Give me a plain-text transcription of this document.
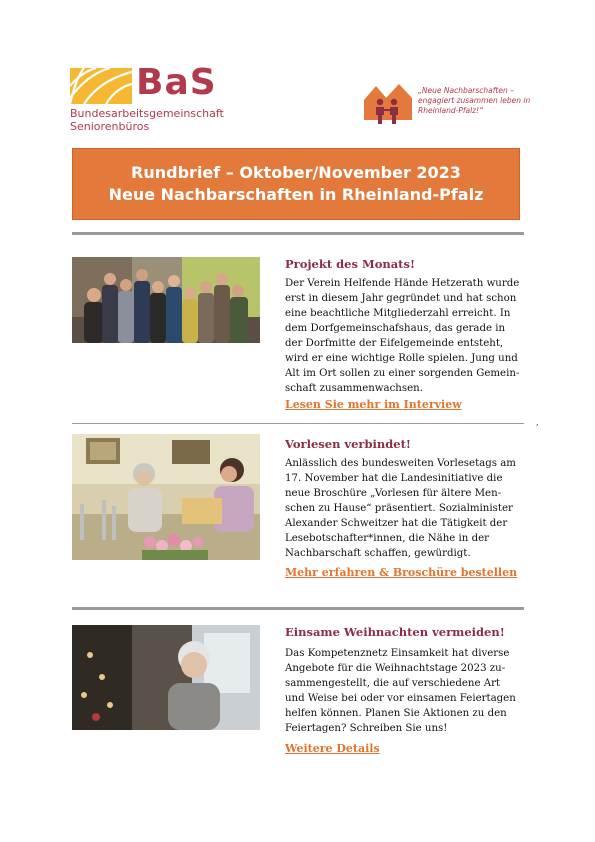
BaS
Bundesarbeitsgemeinschaft
Seniorenbüros
„Neue Nachbarschaften – engagiert zusammen leben in Rheinland-Pfalz!“
Rundbrief – Oktober/November 2023
Neue Nachbarschaften in Rheinland-Pfalz
Projekt des Monats!
Der Verein Helfende Hände Hetzerath wurde
erst in diesem Jahr gegründet und hat schon
eine beachtliche Mitgliederzahl erreicht. In
dem Dorfgemeinschafshaus, das gerade in
der Dorfmitte der Eifelgemeinde entsteht,
wird er eine wichtige Rolle spielen. Jung und
Alt im Ort sollen zu einer sorgenden Gemein-
schaft zusammenwachsen.
Lesen Sie mehr im Interview
,
Vorlesen verbindet!
Anlässlich des bundesweiten Vorlesetags am
17. November hat die Landesinitiative die
neue Broschüre „Vorlesen für ältere Men-
schen zu Hause“ präsentiert. Sozialminister
Alexander Schweitzer hat die Tätigkeit der
Lesebotschafter*innen, die Nähe in der
Nachbarschaft schaffen, gewürdigt.
Mehr erfahren & Broschüre bestellen
Einsame Weihnachten vermeiden!
Das Kompetenznetz Einsamkeit hat diverse
Angebote für die Weihnachtstage 2023 zu-
sammengestellt, die auf verschiedene Art
und Weise bei oder vor einsamen Feiertagen
helfen können. Planen Sie Aktionen zu den
Feiertagen? Schreiben Sie uns!
Weitere Details
